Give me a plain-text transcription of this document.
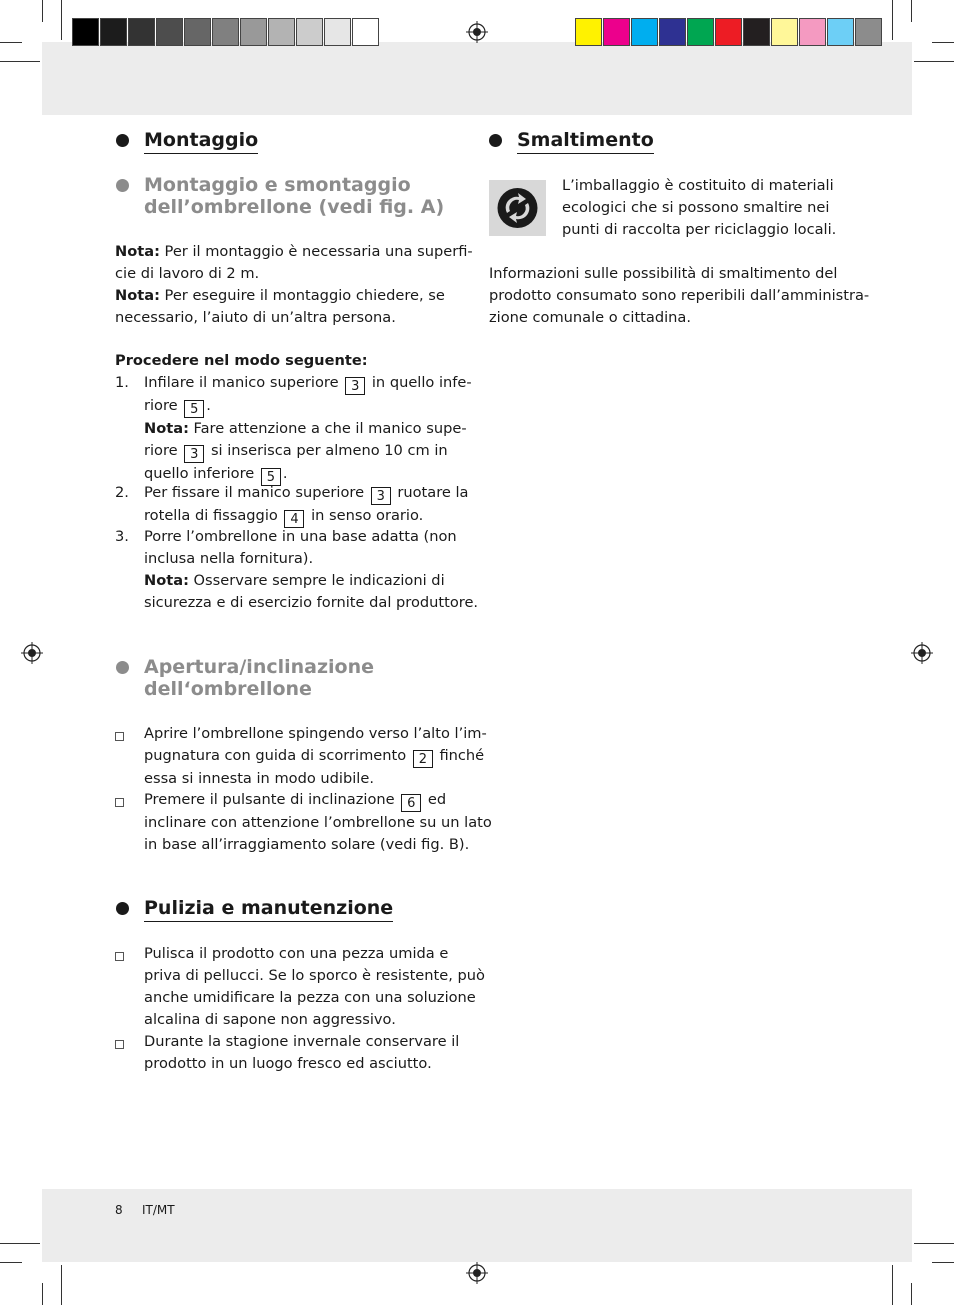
Montaggio
Montaggio e smontaggio
dell’ombrellone (vedi fig. A)
Nota: Per il montaggio è necessaria una superfi-
cie di lavoro di 2 m.
Nota: Per eseguire il montaggio chiedere, se
necessario, l’aiuto di un’altra persona.
Procedere nel modo seguente:
1. Infilare il manico superiore 3 in quello infe-
riore 5 .
Nota: Fare attenzione a che il manico supe-
riore 3 si inserisca per almeno 10 cm in
quello inferiore 5 .
2. Per fissare il manico superiore 3 ruotare la
rotella di fissaggio 4 in senso orario.
3. Porre l’ombrellone in una base adatta (non
inclusa nella fornitura).
Nota: Osservare sempre le indicazioni di
sicurezza e di esercizio fornite dal produttore.
Apertura/inclinazione
dell‘ombrellone
Aprire l’ombrellone spingendo verso l’alto l’im-
pugnatura con guida di scorrimento 2 finché
essa si innesta in modo udibile.
Premere il pulsante di inclinazione 6 ed
inclinare con attenzione l’ombrellone su un lato
in base all’irraggiamento solare (vedi fig. B).
Pulizia e manutenzione
Pulisca il prodotto con una pezza umida e
priva di pellucci. Se lo sporco è resistente, può
anche umidificare la pezza con una soluzione
alcalina di sapone non aggressivo.
Durante la stagione invernale conservare il
prodotto in un luogo fresco ed asciutto.
Smaltimento
L’imballaggio è costituito di materiali
ecologici che si possono smaltire nei
punti di raccolta per riciclaggio locali.
Informazioni sulle possibilità di smaltimento del
prodotto consumato sono reperibili dall’amministra-
zione comunale o cittadina.
8 IT/MT
